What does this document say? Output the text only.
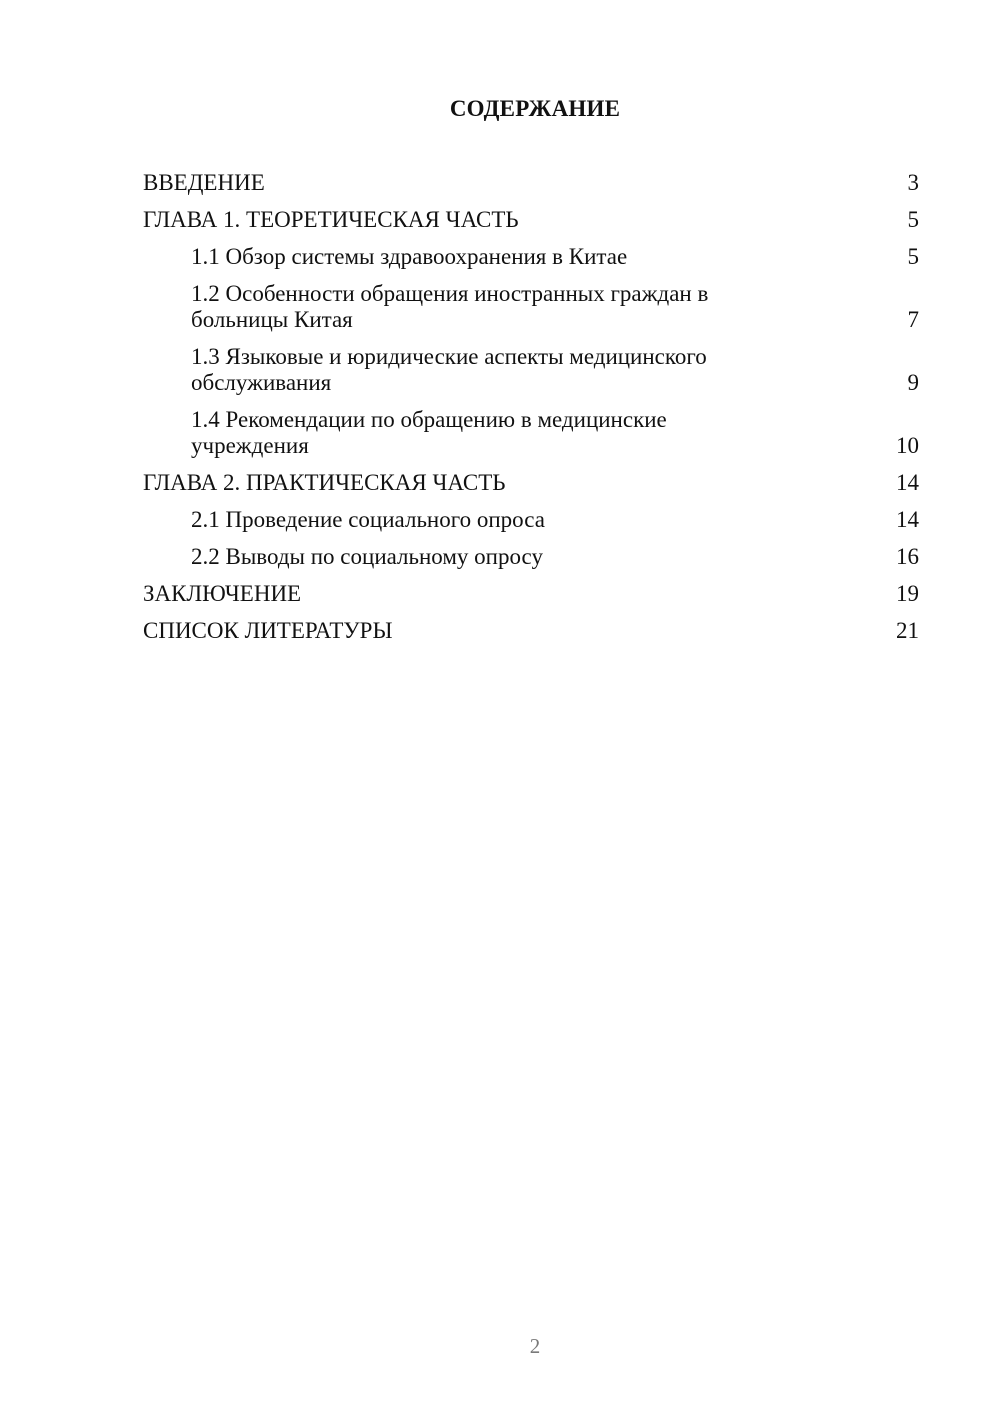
СОДЕРЖАНИЕ
ВВЕДЕНИЕ	3
ГЛАВА 1. ТЕОРЕТИЧЕСКАЯ ЧАСТЬ	5
1.1 Обзор системы здравоохранения в Китае	5
1.2 Особенности обращения иностранных граждан в больницы Китая	7
1.3 Языковые и юридические аспекты медицинского обслуживания	9
1.4 Рекомендации по обращению в медицинские учреждения	10
ГЛАВА 2. ПРАКТИЧЕСКАЯ ЧАСТЬ	14
2.1 Проведение социального опроса	14
2.2 Выводы по социальному опросу	16
ЗАКЛЮЧЕНИЕ	19
СПИСОК ЛИТЕРАТУРЫ	21
2
